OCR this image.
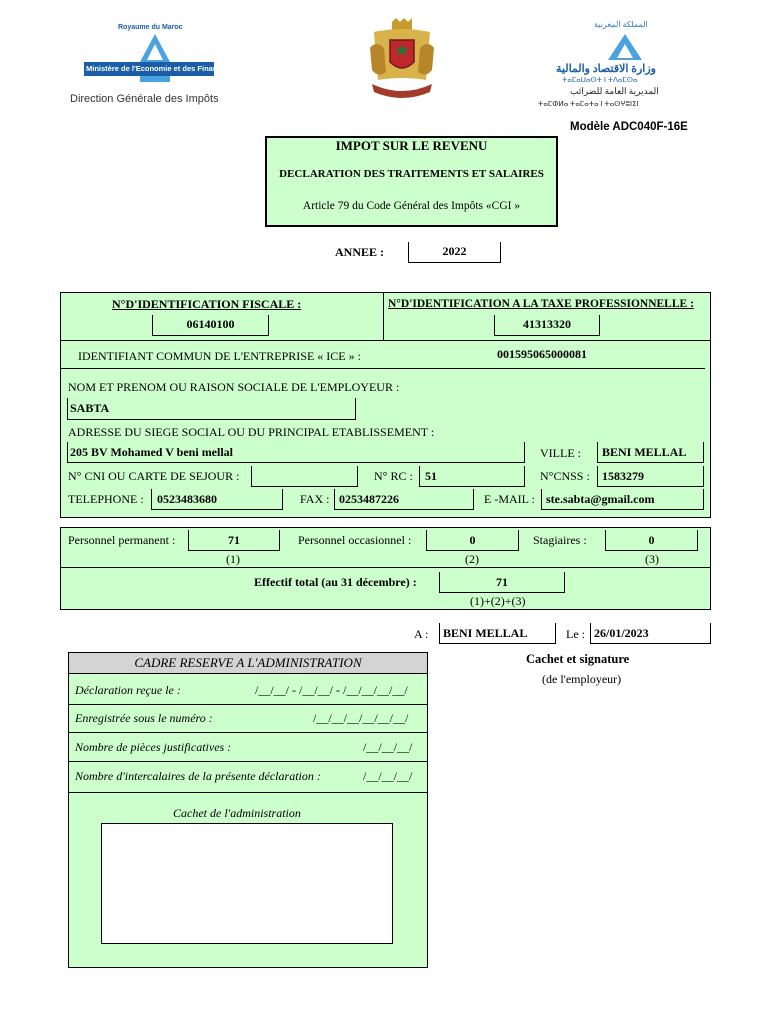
Royaume du Maroc
Ministère de l'Economie et des Finances
Direction Générale des Impôts
المملكة المغربية
وزارة الاقتصاد والمالية
ⵜⴰⵎⴰⵡⴰⵙⵜ ⵏ ⵜⴷⴰⵎⵙⴰ
المديرية العامة للضرائب
ⵜⴰⵎⵀⵍⴰ ⵜⴰⵎⴰⵜⴰ ⵏ ⵜⴰⵙⵖⵓⵏⵉⵏ
Modèle ADC040F-16E
IMPOT SUR LE REVENU
DECLARATION DES TRAITEMENTS ET SALAIRES
Article 79 du Code Général des Impôts «CGI »
ANNEE :	2022
N°D'IDENTIFICATION FISCALE :
06140100
N°D'IDENTIFICATION A LA TAXE PROFESSIONNELLE :
41313320
IDENTIFIANT COMMUN DE L'ENTREPRISE « ICE » :	001595065000081
NOM ET PRENOM OU RAISON SOCIALE DE L'EMPLOYEUR :
SABTA
ADRESSE DU SIEGE SOCIAL OU DU PRINCIPAL ETABLISSEMENT :
205 BV Mohamed V beni mellal	VILLE :	BENI MELLAL
N° CNI OU CARTE DE SEJOUR :	N° RC :	51	N°CNSS :	1583279
TELEPHONE :	0523483680	FAX : 0253487226	E -MAIL : ste.sabta@gmail.com
Personnel permanent :	71
(1)
Personnel occasionnel :	0
(2)
Stagiaires :	0
(3)
Effectif total (au 31 décembre) :	71
(1)+(2)+(3)
A :	BENI MELLAL	Le : 26/01/2023
Cachet et signature
(de l'employeur)
CADRE RESERVE A L'ADMINISTRATION
Déclaration reçue le :	/__/__/ - /__/__/ - /__/__/__/__/
Enregistrée sous le numéro :	/__/__/__/__/__/__/
Nombre de pièces justificatives :	/__/__/__/
Nombre d'intercalaires de la présente déclaration :	/__/__/__/
Cachet de l'administration
